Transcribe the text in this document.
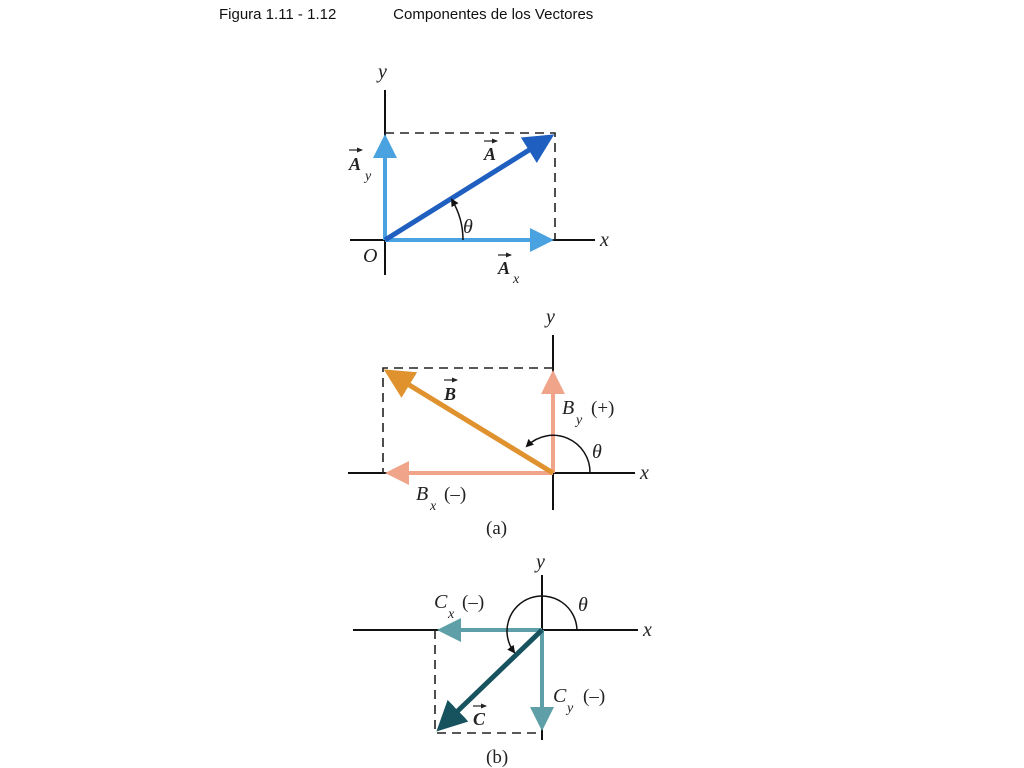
Figura 1.11 - 1.12	Componentes de los Vectores
y
x
O
θ
A
A
y
A
x
y
x
θ
B
B
y
(+)
B
x
(–)
(a)
y
x
θ
C
x
(–)
C
y
(–)
C
(b)
